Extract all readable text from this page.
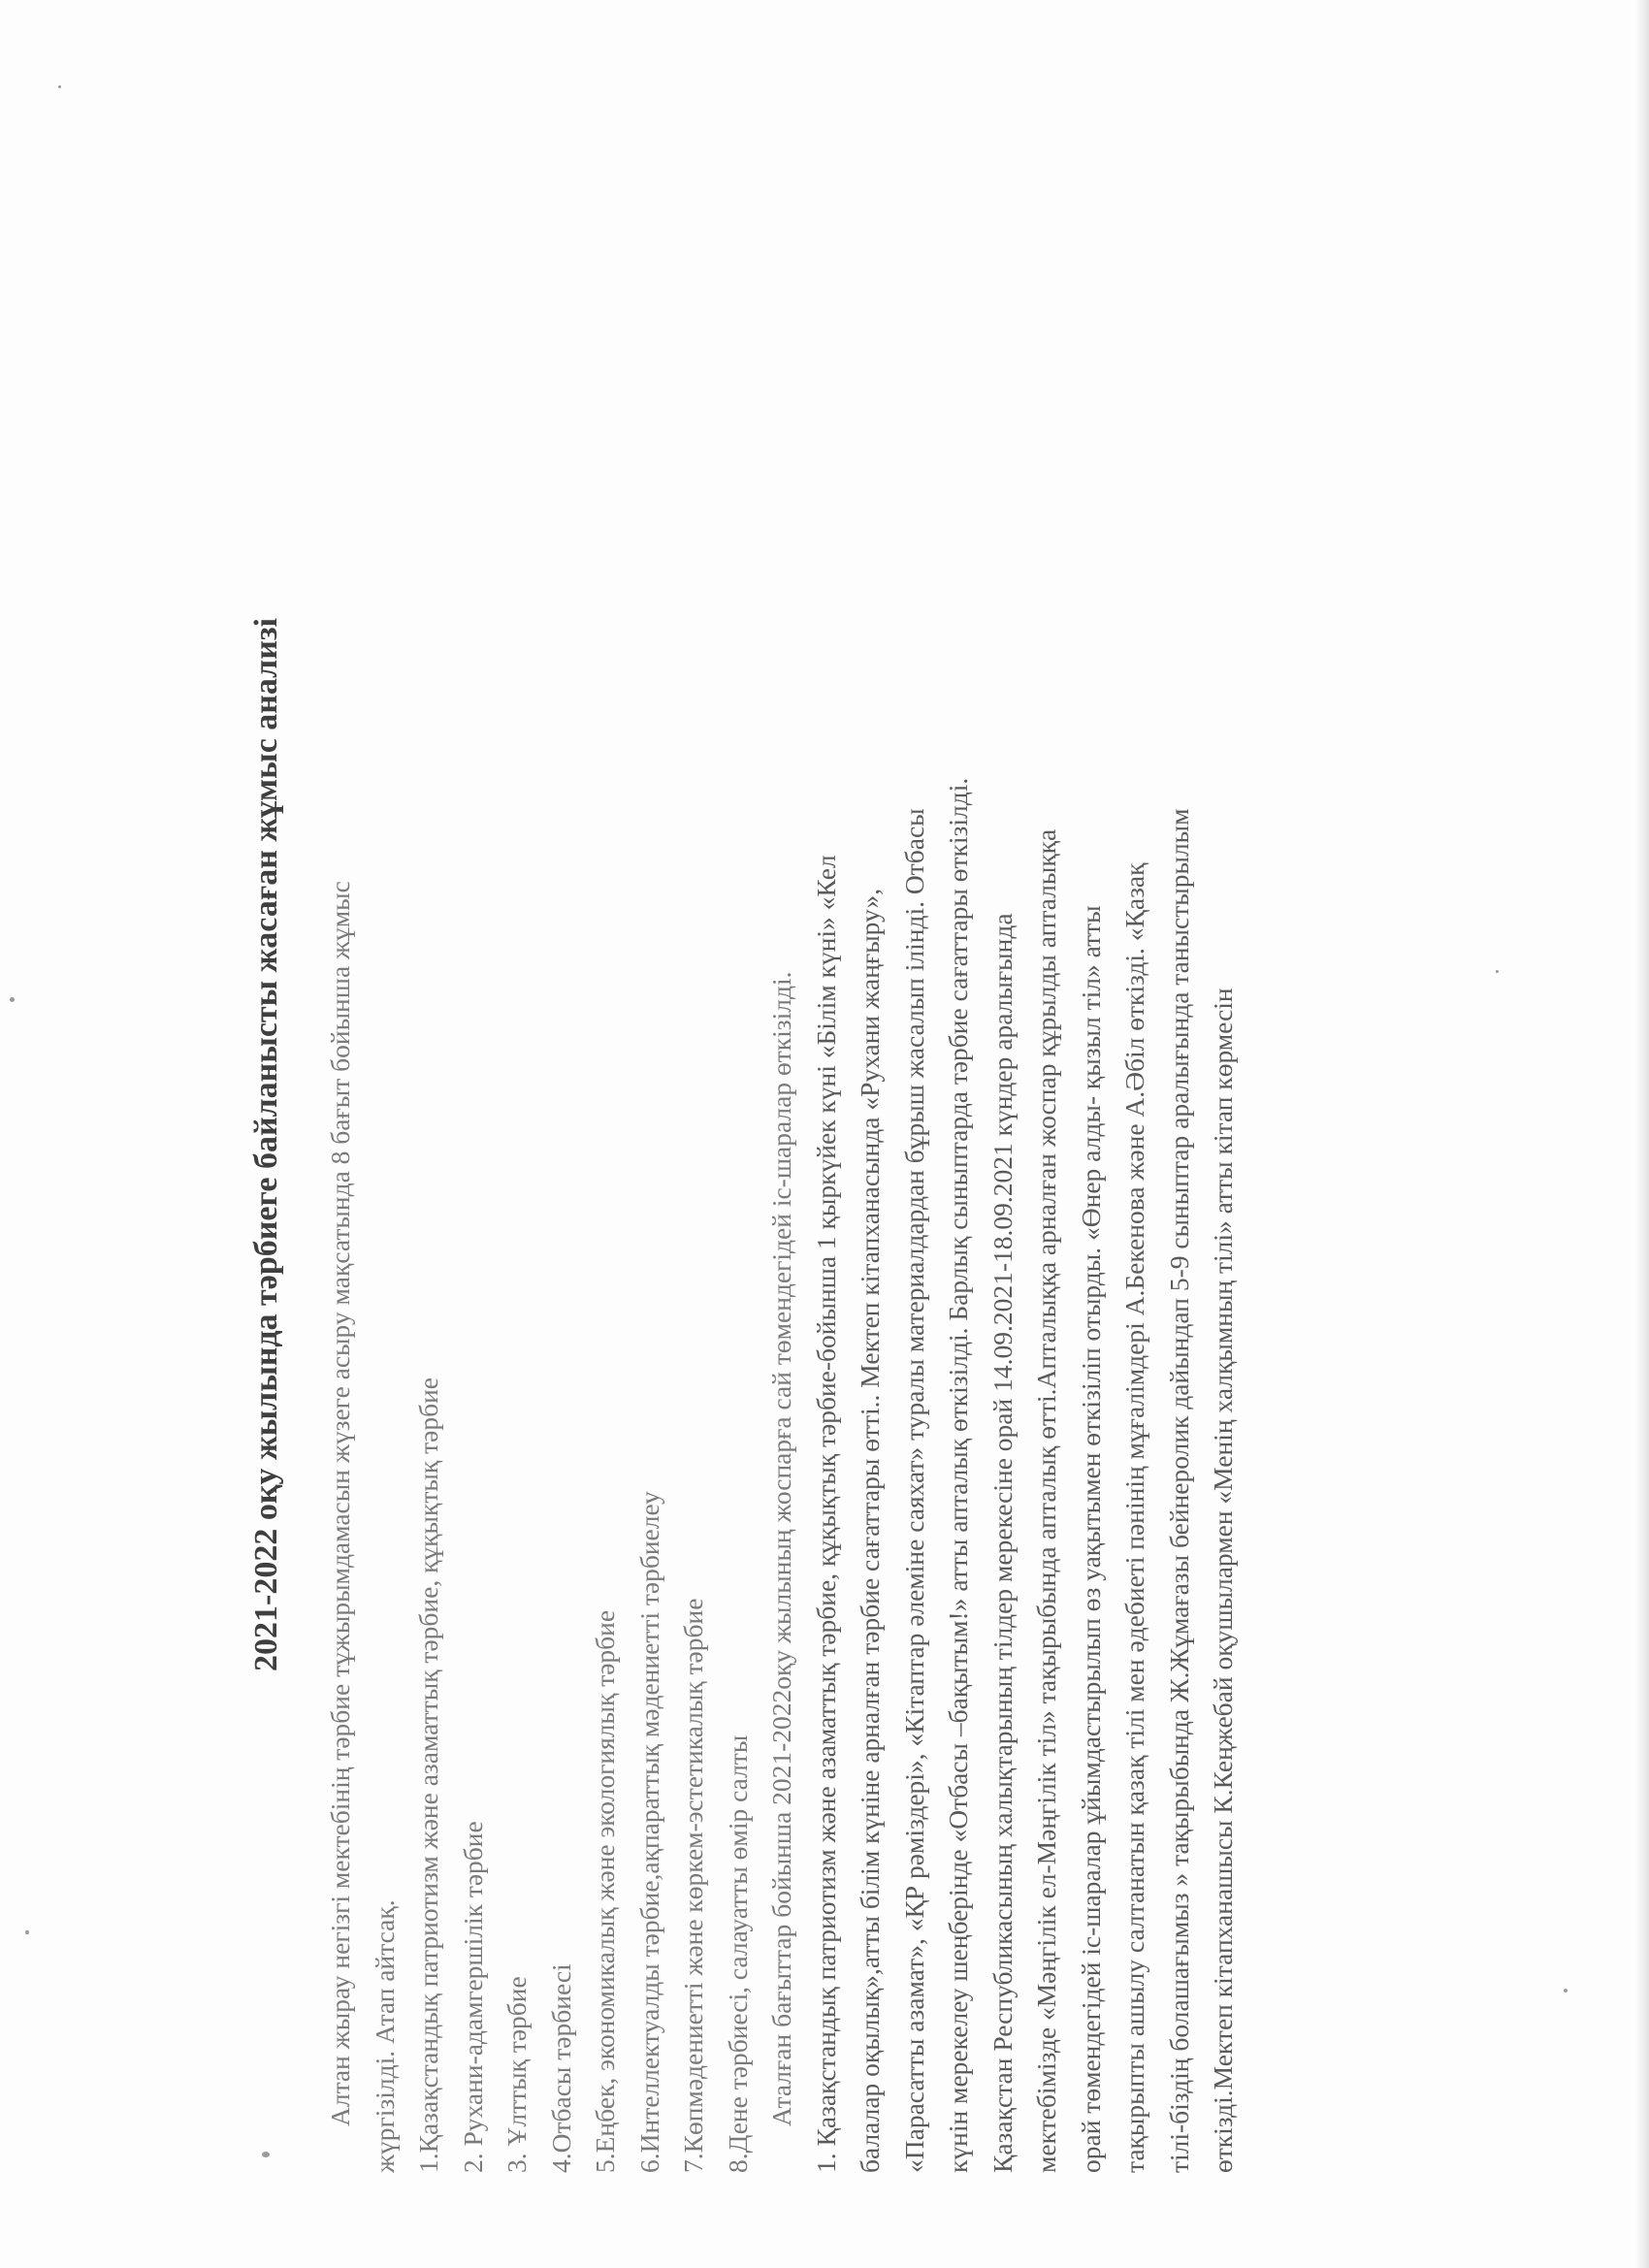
2021-2022 оқу жылында тәрбиеге байланысты жасаған жұмыс анализі	Алтан жырау негізгі мектебінің тәрбие тұжырымдамасын жүзеге асыру мақсатында 8 бағыт бойынша жұмыс жүргізілді. Атап айтсақ. 1.Қазақстандық патриотизм және азаматтық тәрбие, құқықтық тәрбие 2. Рухани-адамгершілік тәрбие 3. Ұлттық тәрбие 4.Отбасы тәрбиесі 5.Еңбек, экономикалық және экологиялық тәрбие 6.Интеллектуалды тәрбие,ақпараттық мәдениетті тәрбиелеу 7.Көпмәдениетті және көркем-эстетикалық тәрбие 8.Дене тәрбиесі, салауатты өмір салты Аталған бағыттар бойынша 2021-2022оқу жылының жоспарға сай төмендегідей іс-шаралар өткізілді. 1. Қазақстандық патриотизм және азаматтық тәрбие, құқықтық тәрбие-бойынша 1 қыркүйек күні «Білім күні» «Кел балалар оқылық»,атты білім күніне арналған тәрбие сағаттары өтті.. Мектеп кітапханасында «Рухани жаңғыру», «Парасатты азамат», «ҚР рәміздері», «Кітаптар әлеміне саяхат» туралы материалдардан бұрыш жасалып ілінді. Отбасы күнін мерекелеу шеңберінде «Отбасы –бақытым!» атты апталық өткізілді. Барлық сыныптарда тәрбие сағаттары өткізілді. Қазақстан Республикасының халықтарының тілдер мерекесіне орай 14.09.2021-18.09.2021 күндер аралығында мектебімізде «Мәңгілік ел-Мәңгілік тіл» тақырыбында апталық өтті.Апталыққа арналған жоспар құрылды апталыққа орай төмендегідей іс-шаралар ұйымдастырылып өз уақытымен өткізіліп отырды. «Өнер алды- қызыл тіл» атты тақырыпты ашылу салтанатын қазақ тілі мен әдебиеті пәнінің мұғалімдері А.Бекенова және А.Әбіл өткізді. «Қазақ тілі-біздің болашағымыз » тақырыбында Ж.Жұмағазы бейнеролик дайындап 5-9 сыныптар аралығында таныстырылым өткізді.Мектеп кітапханашысы К.Кеңжебай оқушылармен «Менің халқымның тілі» атты кітап көрмесін
